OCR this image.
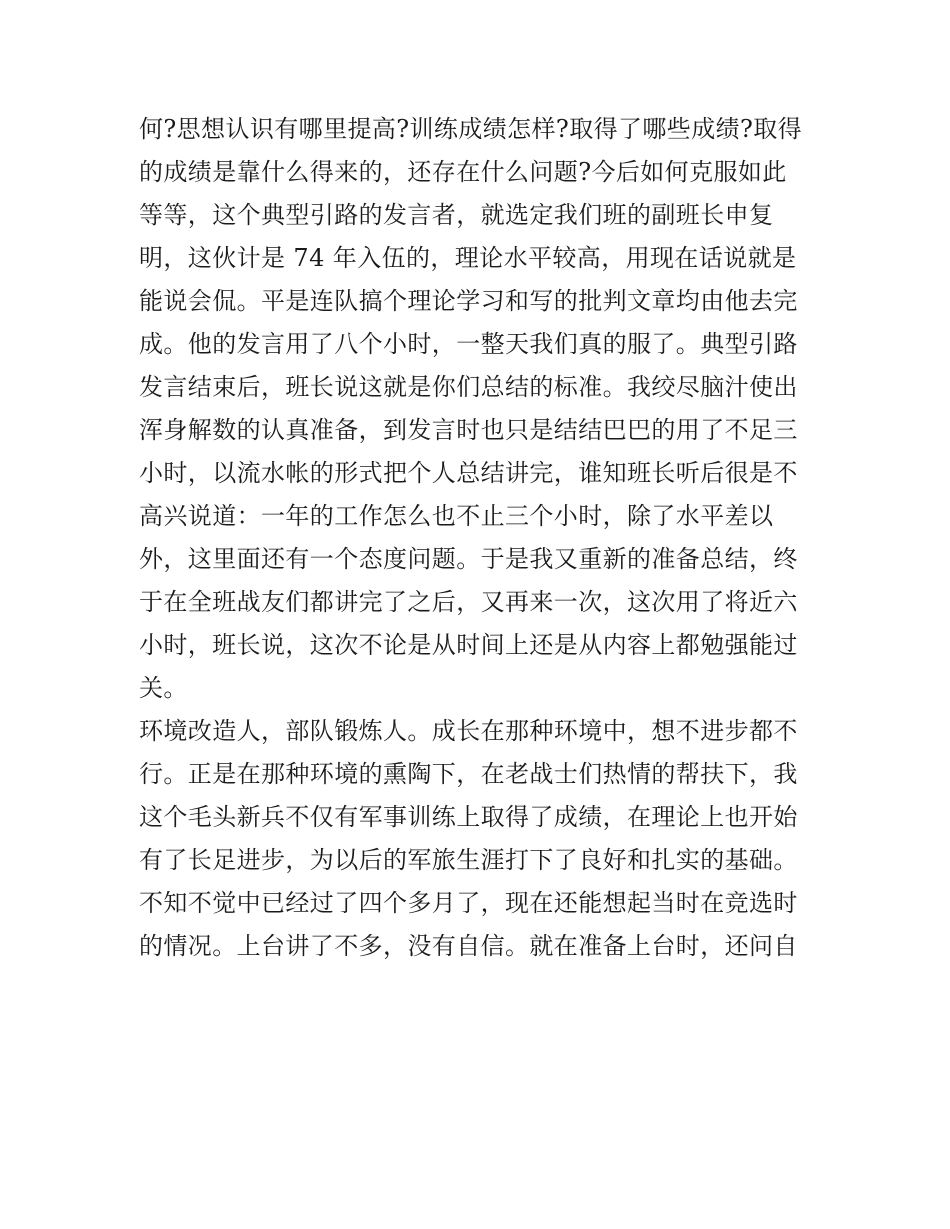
何?思想认识有哪里提高?训练成绩怎样?取得了哪些成绩?取得
的成绩是靠什么得来的，还存在什么问题?今后如何克服如此
等等，这个典型引路的发言者，就选定我们班的副班长申复
明，这伙计是 74 年入伍的，理论水平较高，用现在话说就是
能说会侃。平是连队搞个理论学习和写的批判文章均由他去完
成。他的发言用了八个小时，一整天我们真的服了。典型引路
发言结束后，班长说这就是你们总结的标准。我绞尽脑汁使出
浑身解数的认真准备，到发言时也只是结结巴巴的用了不足三
小时，以流水帐的形式把个人总结讲完，谁知班长听后很是不
高兴说道：一年的工作怎么也不止三个小时，除了水平差以
外，这里面还有一个态度问题。于是我又重新的准备总结，终
于在全班战友们都讲完了之后，又再来一次，这次用了将近六
小时，班长说，这次不论是从时间上还是从内容上都勉强能过
关。
环境改造人，部队锻炼人。成长在那种环境中，想不进步都不
行。正是在那种环境的熏陶下，在老战士们热情的帮扶下，我
这个毛头新兵不仅有军事训练上取得了成绩，在理论上也开始
有了长足进步，为以后的军旅生涯打下了良好和扎实的基础。
不知不觉中已经过了四个多月了，现在还能想起当时在竞选时
的情况。上台讲了不多，没有自信。就在准备上台时，还问自
